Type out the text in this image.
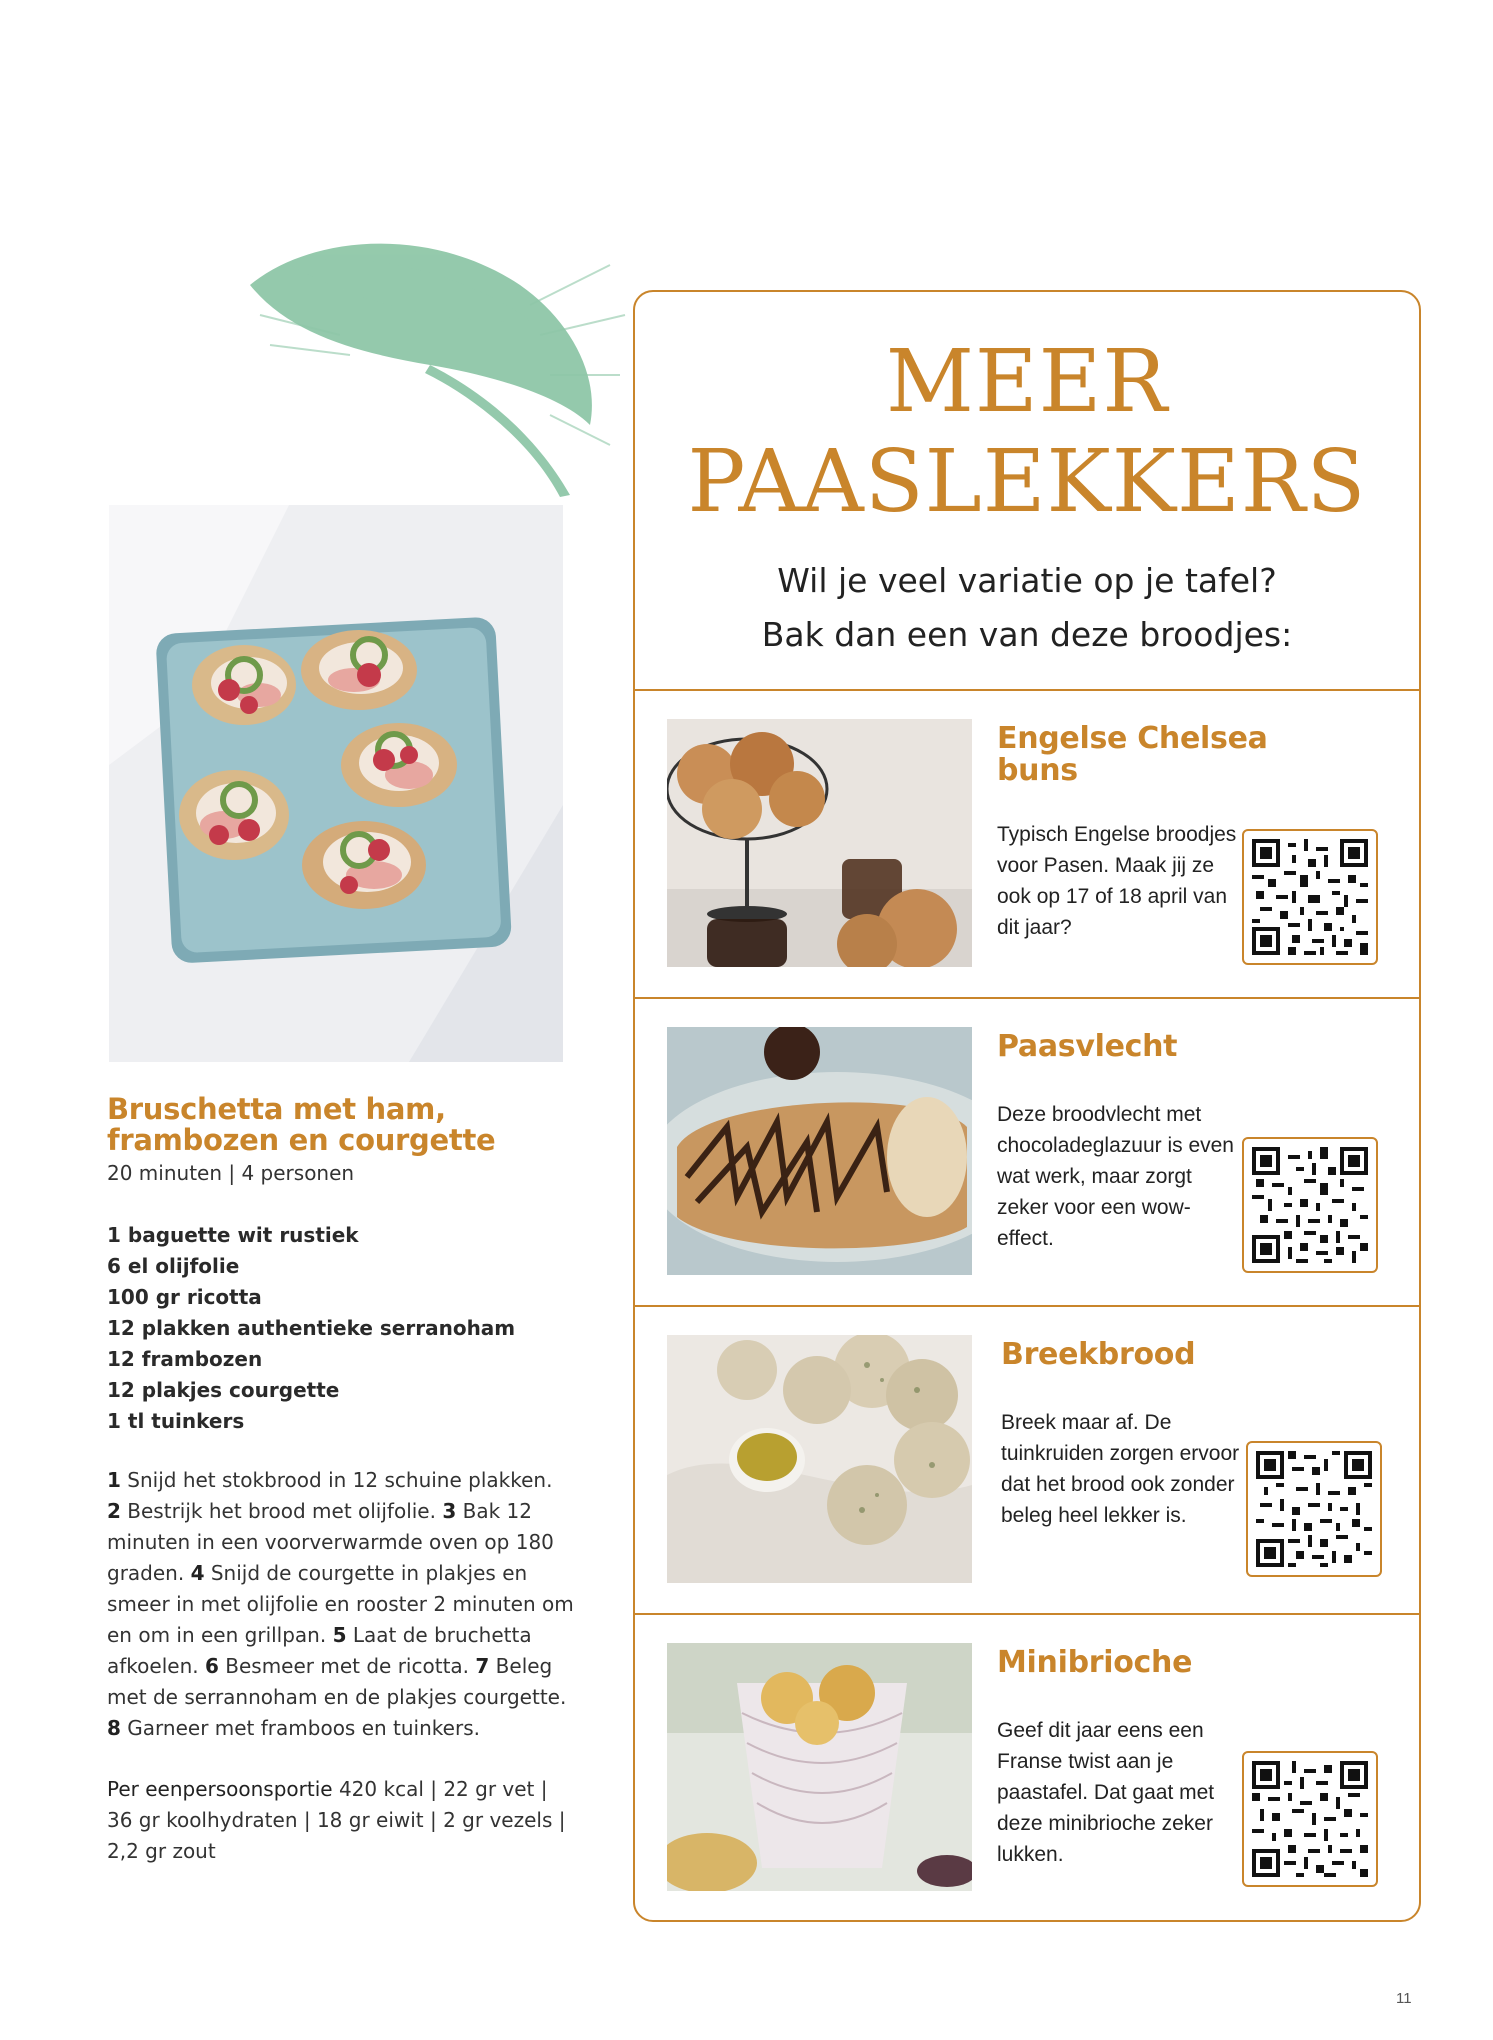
Bruschetta met ham,
frambozen en courgette
20 minuten | 4 personen
1 baguette wit rustiek
6 el olijfolie
100 gr ricotta
12 plakken authentieke serranoham
12 frambozen
12 plakjes courgette
1 tl tuinkers
1 Snijd het stokbrood in 12 schuine plakken.
2 Bestrijk het brood met olijfolie. 3 Bak 12 minuten in een voorverwarmde oven op 180 graden. 4 Snijd de courgette in plakjes en smeer in met olijfolie en rooster 2 minuten om en om in een grillpan. 5 Laat de bruchetta afkoelen. 6 Besmeer met de ricotta. 7 Beleg met de serrannoham en de plakjes courgette. 8 Garneer met framboos en tuinkers.
Per eenpersoonsportie 420 kcal | 22 gr vet | 36 gr koolhydraten | 18 gr eiwit | 2 gr vezels | 2,2 gr zout
MEER
PAASLEKKERS
Wil je veel variatie op je tafel?
Bak dan een van deze broodjes:
Engelse Chelsea buns
Typisch Engelse broodjes voor Pasen. Maak jij ze ook op 17 of 18 april van dit jaar?
Paasvlecht
Deze broodvlecht met chocoladeglazuur is even wat werk, maar zorgt zeker voor een wow-effect.
Breekbrood
Breek maar af. De tuinkruiden zorgen ervoor dat het brood ook zonder beleg heel lekker is.
Minibrioche
Geef dit jaar eens een Franse twist aan je paastafel. Dat gaat met deze minibrioche zeker lukken.
11
